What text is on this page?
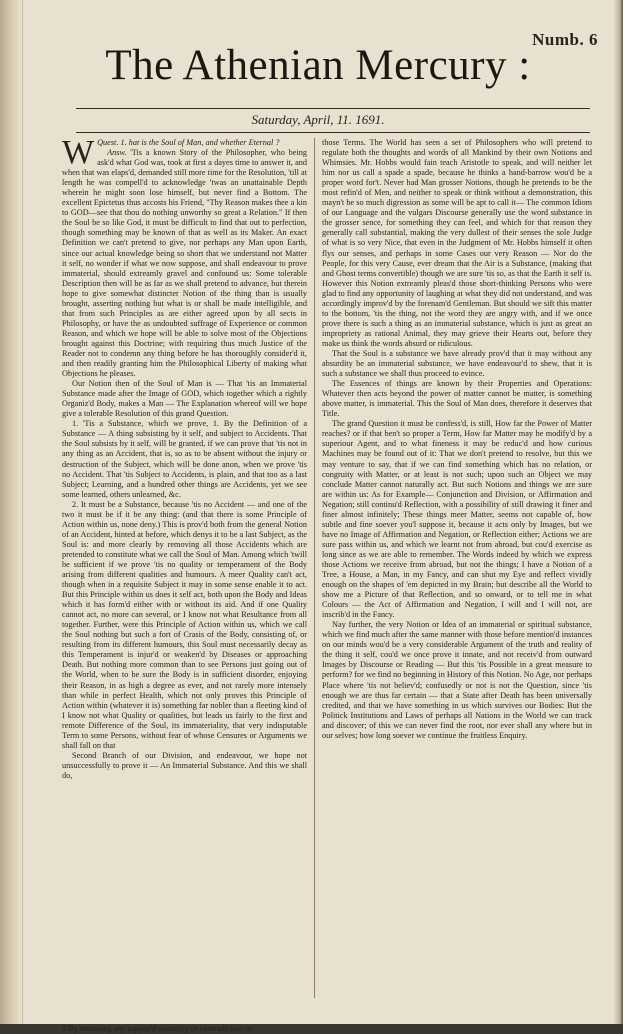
Numb. 6
The Athenian Mercury :
Saturday, April, 11. 1691.

Quest. 1.
W	hat is the Soul of Man, and whether Eternal ?

Answ. 'Tis a known Story of the Philosopher, who being ask'd what God was, took at first a dayes time to answer it, and when that was elaps'd, demanded still more time for the Resolution, 'till at length he was compell'd to acknowledge 'twas an unattainable Depth wherein he might soon lose himself, but never find a Bottom. The excellent Epictetus thus accosts his Friend, "Thy Reason makes thee a kin to GOD—see that thou do nothing unworthy so great a Relation." If then the Soul be so like God, it must be difficult to find that out to perfection, though something may be known of that as well as its Maker. An exact Definition we can't pretend to give, nor perhaps any Man upon Earth, since our actual knowledge being so short that we understand not Matter it self, no wonder if what we now suppose, and shall endeavour to prove immaterial, should extreamly gravel and confound us: Some tolerable Description then will be as far as we shall pretend to advance, but therein hope to give somewhat distincter Notion of the thing than is usually brought, asserting nothing but what is or shall be made intelligible, and that from such Principles as are either agreed upon by all sects in Philosophy, or have the as undoubted suffrage of Experience or common Reason, and which we hope will be able to solve most of the Objections brought against this Doctrine; with requiring thus much Justice of the Reader not to condemn any thing before he has thoroughly consider'd it, and then readily granting him the Philosophical Liberty of making what Objections he pleases.

Our Notion then of the Soul of Man is — That 'tis an Immaterial Substance made after the Image of GOD, which together which a rightly Organiz'd Body, makes a Man — The Explanation whereof will we hope give a tolerable Resolution of this grand Question.

1. 'Tis a Substance, which we prove, 1. By the Definition of a Substance — A thing subsisting by it self, and subject to Accidents. That the Soul subsists by it self, will be granted, if we can prove that 'tis not in any thing as an Accident, that is, so as to be absent without the injury or destruction of the Subject, which will be done anon, when we prove 'tis no Accident. That 'tis Subject to Accidents, is plain, and that too as a last Subject; Learning, and a hundred other things are Accidents, yet we see some learned, others unlearned, &c.

2. It must be a Substance, because 'tis no Accident — and one of the two it must be if it be any thing: (and that there is some Principle of Action within us, none deny.) This is prov'd both from the general Notion of an Accident, hinted at before, which denys it to be a last Subject, as the Soul is: and more clearly by removing all those Accidents which are pretended to constitute what we call the Soul of Man. Among which 'twill be sufficient if we prove 'tis no quality or temperament of the Body arising from different qualities and humours. A meer Quality can't act, though when in a requisite Subject it may in some sense enable it to act. But this Principle within us does it self act, both upon the Body and Ideas which it has form'd either with or without its aid. And if one Quality cannot act, no more can several, or I know not what Resultance from all together. Further, were this Principle of Action within us, which we call the Soul nothing but such a fort of Crasis of the Body, consisting of, or resulting from its different humours, this Soul must necessarily decay as this Temperament is injur'd or weaken'd by Diseases or approaching Death. But nothing more common than to see Persons just going out of the World, when to be sure the Body is in sufficient disorder, enjoying their Reason, in as high a degree as ever, and not rarely more intensely than while in perfect Health, which not only proves this Principle of Action within (whatever it is) something far nobler than a fleeting kind of I know not what Quality or qualities, but leads us fairly to the first and remote Difference of the Soul, its immateriality, that very indisputable Term to some Persons, without fear of whose Censures or Arguments we shall fall on that

Second Branch of our Division, and endeavour, we hope not unsuccessfully to prove it — An Immaterial Substance. And this we shall do,

those Terms. The World has seen a set of Philosophers who will pretend to regulate both the thoughts and words of all Mankind by their own Notions and Whimsies. Mr. Hobbs would fain teach Aristotle to speak, and will neither let him nor us call a spade a spade, because he thinks a hand-barrow wou'd be a proper word for't. Never had Man grosser Notions, though he pretends to be the most refin'd of Men, and neither to speak or think without a demonstration, this mayn't be so much digression as some will be apt to call it— The common Idiom of our Language and the vulgars Discourse generally use the word substance in the grosser sence, for something they can feel, and which for that reason they generally call substantial, making the very dullest of their senses the sole Judge of what is so very Nice, that even in the Judgment of Mr. Hobbs himself it often flys our senses, and perhaps in some Cases our very Reason — Nor do the People, for this very Cause, ever dream that the Air is a Substance, (making that and Ghost terms convertible) though we are sure 'tis so, as that the Earth it self is. However this Notion extreamly pleas'd those short-thinking Persons who were glad to find any opportunity of laughing at what they did not understand, and was accordingly improv'd by the forenam'd Gentleman. But should we sift this matter to the bottom, 'tis the thing, not the word they are angry with, and if we once prove there is such a thing as an immaterial substance, which is just as great an impropriety as rational Animal, they may grieve their Hearts out, before they make us think the words absurd or ridiculous.

That the Soul is a substance we have already prov'd that it may without any absurdity be an immaterial substance, we have endeavour'd to shew, that it is such a substance we shall thus proceed to evince.

The Essences of things are known by their Properties and Operations: Whatever then acts beyond the power of matter cannot be matter, is something above matter, is immaterial. This the Soul of Man does, therefore it deserves that Title.

The grand Question it must be confess'd, is still, How far the Power of Matter reaches? or if that ben't so proper a Term, How far Matter may be modify'd by a superiour Agent, and to what fineness it may be reduc'd and how curious Machines may be found out of it: That we don't pretend to resolve, but this we may venture to say, that if we can find something which has no relation, or congruity with Matter, or at least is not such; upon such an Object we may conclude Matter cannot naturally act. But such Notions and things we are sure are within us: As for Example— Conjunction and Division, or Affirmation and Negation; still continu'd Reflection, with a possibility of still drawing it finer and finer almost infinitely; These things meer Matter, seems not capable of, how subtle and fine soever you'l suppose it, because it acts only by Images, but we have no Image of Affirmation and Negation, or Reflection either; Actions we are sure pass within us, and which we learnt not from abroad, but cou'd exercise as long since as we are able to remember. The Words indeed by which we express those Actions we receive from abroad, but not the things; I have a Notion of a Tree, a House, a Man, in my Fancy, and can shut my Eye and reflect vividly enough on the shapes of 'em depicted in my Brain; but describe all the World to show me a Picture of that Reflection, and so onward, or to tell me in what Colours — the Act of Affirmation and Negation, I will and I will not, are inscrib'd in the Fancy.

Nay further, the very Notion or Idea of an immaterial or spiritual substance, which we find much after the same manner with those before mention'd instances on our minds wou'd be a very considerable Argument of the truth and reality of the thing it self, cou'd we once prove it innate, and not receiv'd from outward Images by Discourse or Reading — But this 'tis Possible in a great measure to perform? for we find no beginning in History of this Notion. No Age, nor perhaps Place where 'tis not believ'd; confusedly or not is not the Question, since 'tis enough we are thus far certain — that a State after Death has been universally credited, and that we have something in us which survives our Bodies: But the Politick Institutions and Laws of perhaps all Nations in the World we can track and discover; of this we can never find the root, nor ever shall any where but in our selves; how long soever we continue the fruitless Enquiry.

1 By removing any suppos'd absurdity or contradiction in
